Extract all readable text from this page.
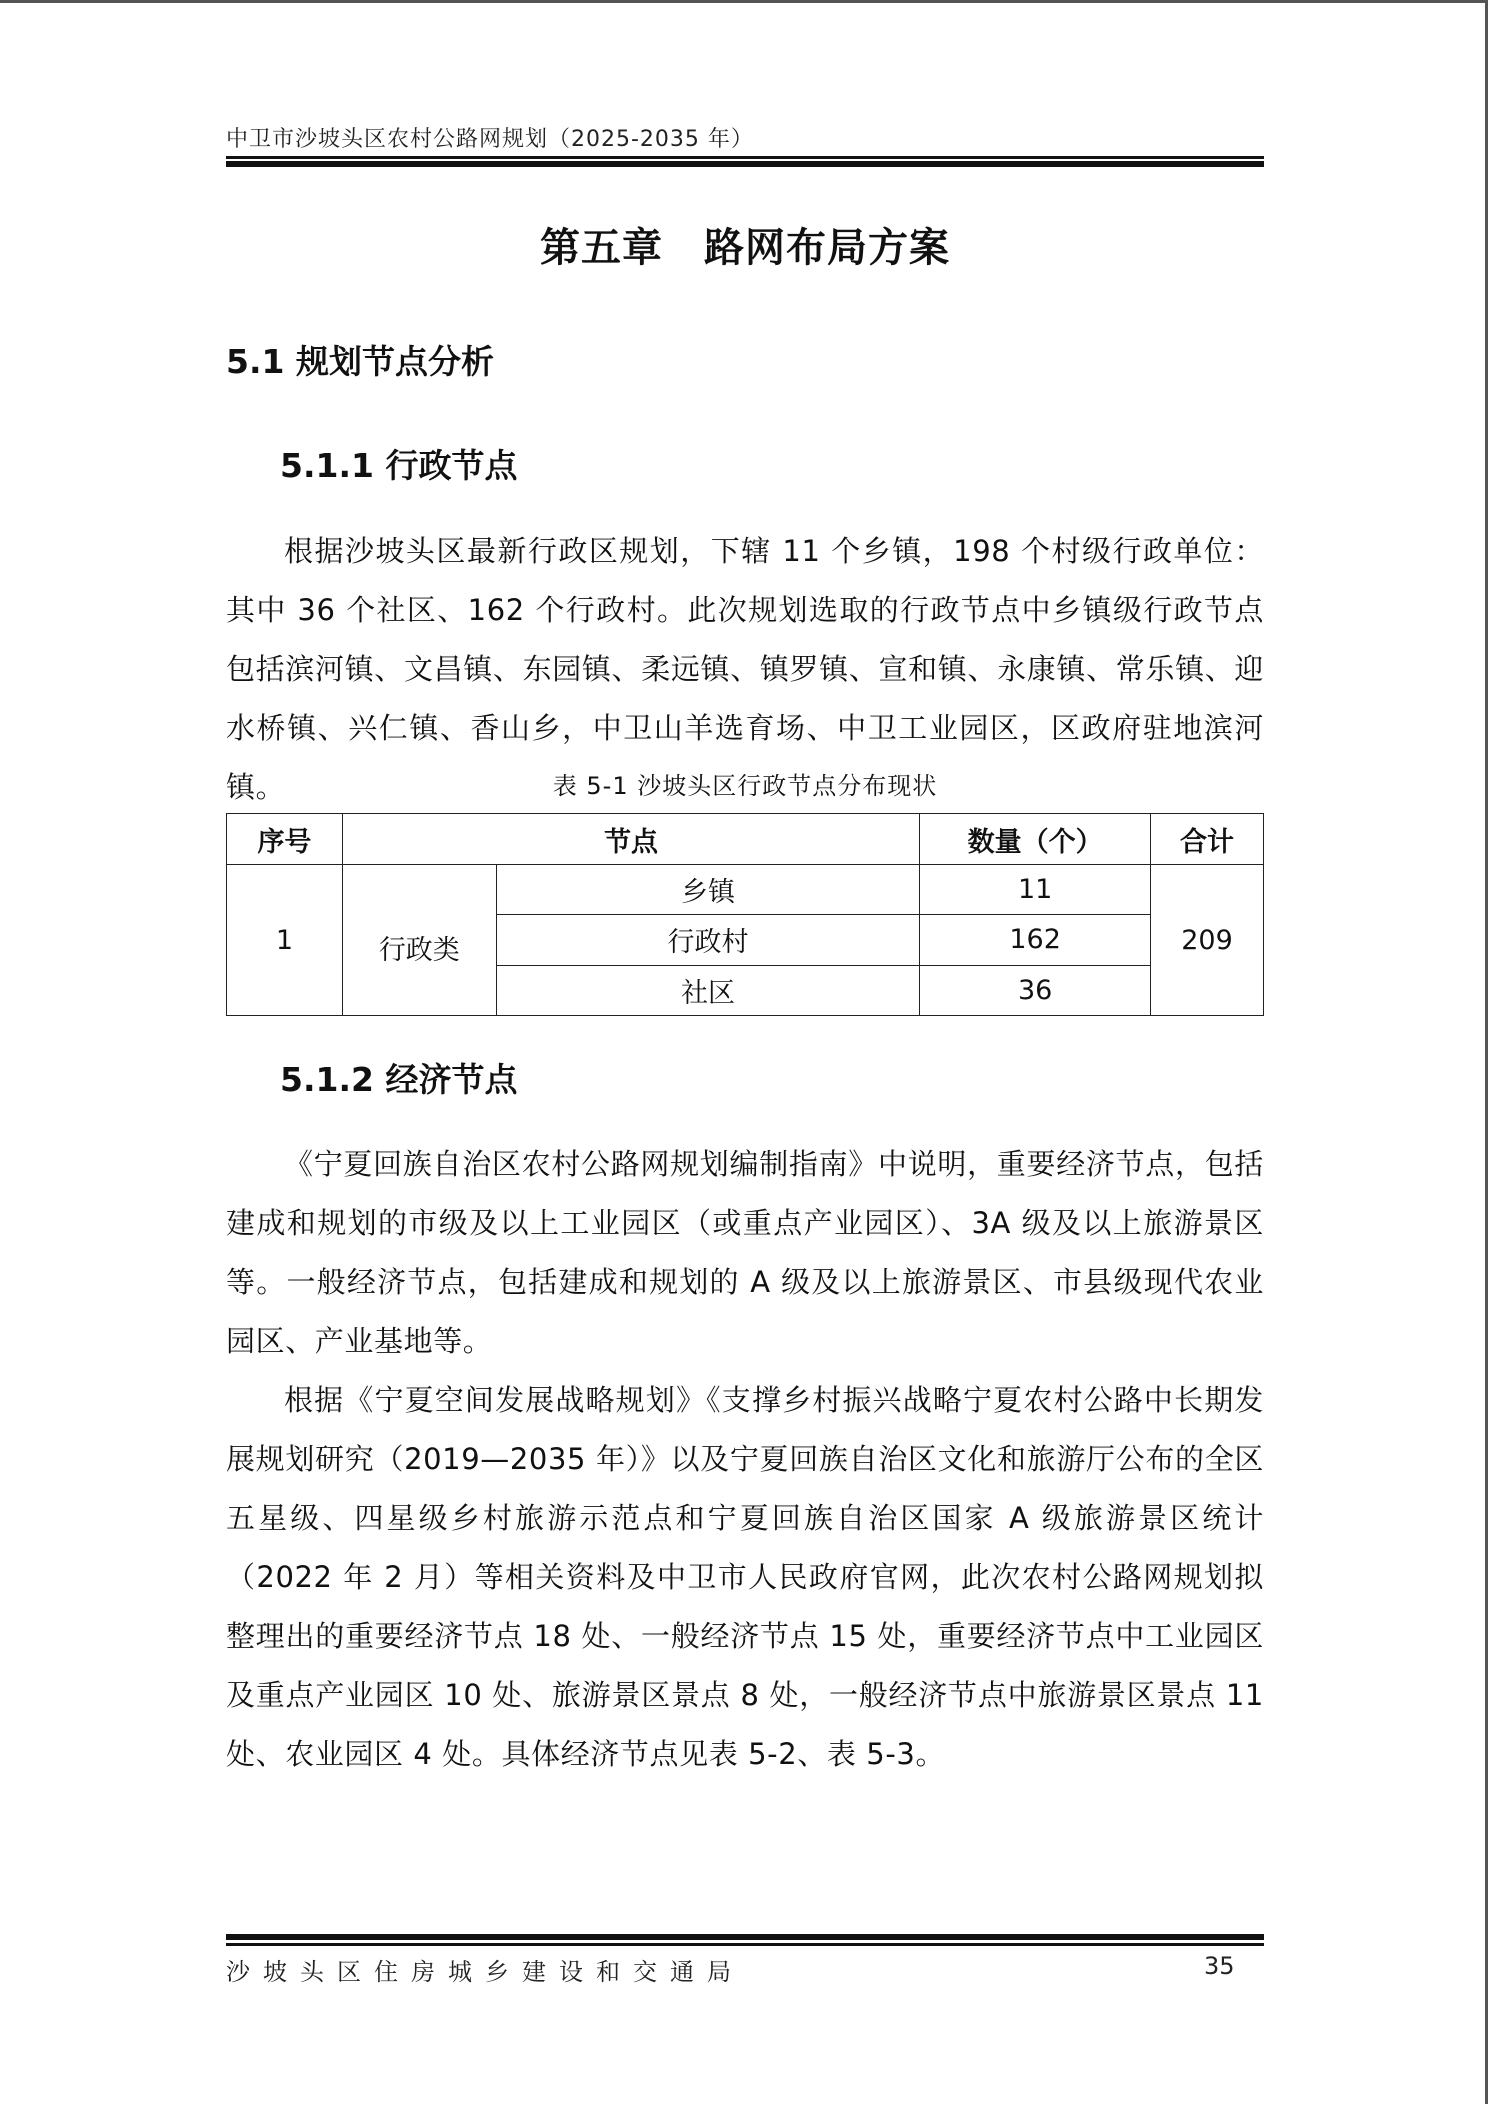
中卫市沙坡头区农村公路网规划（2025-2035 年）
第五章　路网布局方案
5.1 规划节点分析
5.1.1 行政节点
根据沙坡头区最新行政区规划，下辖 11 个乡镇，198 个村级行政单位：其中 36 个社区、162 个行政村。此次规划选取的行政节点中乡镇级行政节点包括滨河镇、文昌镇、东园镇、柔远镇、镇罗镇、宣和镇、永康镇、常乐镇、迎水桥镇、兴仁镇、香山乡，中卫山羊选育场、中卫工业园区，区政府驻地滨河镇。	表 5-1 沙坡头区行政节点分布现状
序号	节点		数量（个）	合计
1	行政类	乡镇	11	209
		行政村	162	
		社区	36	
5.1.2 经济节点
《宁夏回族自治区农村公路网规划编制指南》中说明，重要经济节点，包括建成和规划的市级及以上工业园区（或重点产业园区）、3A 级及以上旅游景区等。一般经济节点，包括建成和规划的 A 级及以上旅游景区、市县级现代农业园区、产业基地等。
根据《宁夏空间发展战略规划》《支撑乡村振兴战略宁夏农村公路中长期发展规划研究（2019—2035 年）》以及宁夏回族自治区文化和旅游厅公布的全区五星级、四星级乡村旅游示范点和宁夏回族自治区国家 A 级旅游景区统计（2022 年 2 月）等相关资料及中卫市人民政府官网，此次农村公路网规划拟整理出的重要经济节点 18 处、一般经济节点 15 处，重要经济节点中工业园区及重点产业园区 10 处、旅游景区景点 8 处，一般经济节点中旅游景区景点 11 处、农业园区 4 处。具体经济节点见表 5-2、表 5-3。
沙坡头区住房城乡建设和交通局	35
